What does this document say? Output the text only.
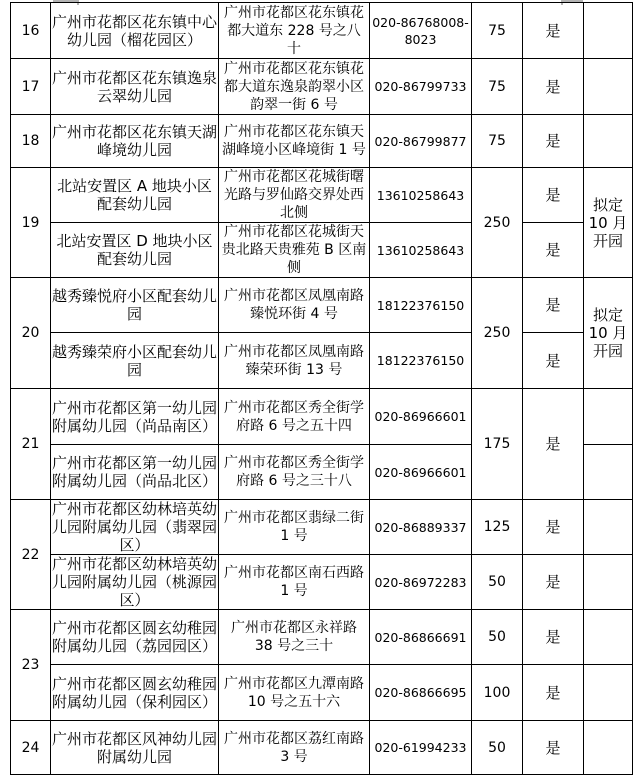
16	广州市花都区花东镇中心幼儿园（榴花园区）	广州市花都区花东镇花都大道东 228 号之八十	020-86768008-8023	75	是	
17	广州市花都区花东镇逸泉云翠幼儿园	广州市花都区花东镇花都大道东逸泉韵翠小区韵翠一街 6 号	020-86799733	75	是	
18	广州市花都区花东镇天湖峰境幼儿园	广州市花都区花东镇天湖峰境小区峰境街 1 号	020-86799877	75	是	
19	北站安置区 A 地块小区配套幼儿园	广州市花都区花城街曙光路与罗仙路交界处西北侧	13610258643	250	是	拟定 10 月开园
	北站安置区 D 地块小区配套幼儿园	广州市花都区花城街天贵北路天贵雅苑 B 区南侧	13610258643		是	
20	越秀臻悦府小区配套幼儿园	广州市花都区凤凰南路臻悦环街 4 号	18122376150	250	是	拟定 10 月开园
	越秀臻荣府小区配套幼儿园	广州市花都区凤凰南路臻荣环街 13 号	18122376150		是	
21	广州市花都区第一幼儿园附属幼儿园（尚品南区）	广州市花都区秀全街学府路 6 号之五十四	020-86966601	175	是	
	广州市花都区第一幼儿园附属幼儿园（尚品北区）	广州市花都区秀全街学府路 6 号之三十八	020-86966601			
22	广州市花都区幼林培英幼儿园附属幼儿园（翡翠园区）	广州市花都区翡绿二街 1 号	020-86889337	125	是	
	广州市花都区幼林培英幼儿园附属幼儿园（桃源园区）	广州市花都区南石西路 1 号	020-86972283	50	是	
23	广州市花都区圆玄幼稚园附属幼儿园（荔园园区）	广州市花都区永祥路 38 号之三十	020-86866691	50	是	
	广州市花都区圆玄幼稚园附属幼儿园（保利园区）	广州市花都区九潭南路 10 号之五十六	020-86866695	100	是	
24	广州市花都区风神幼儿园附属幼儿园	广州市花都区荔红南路 3 号	020-61994233	50	是	
